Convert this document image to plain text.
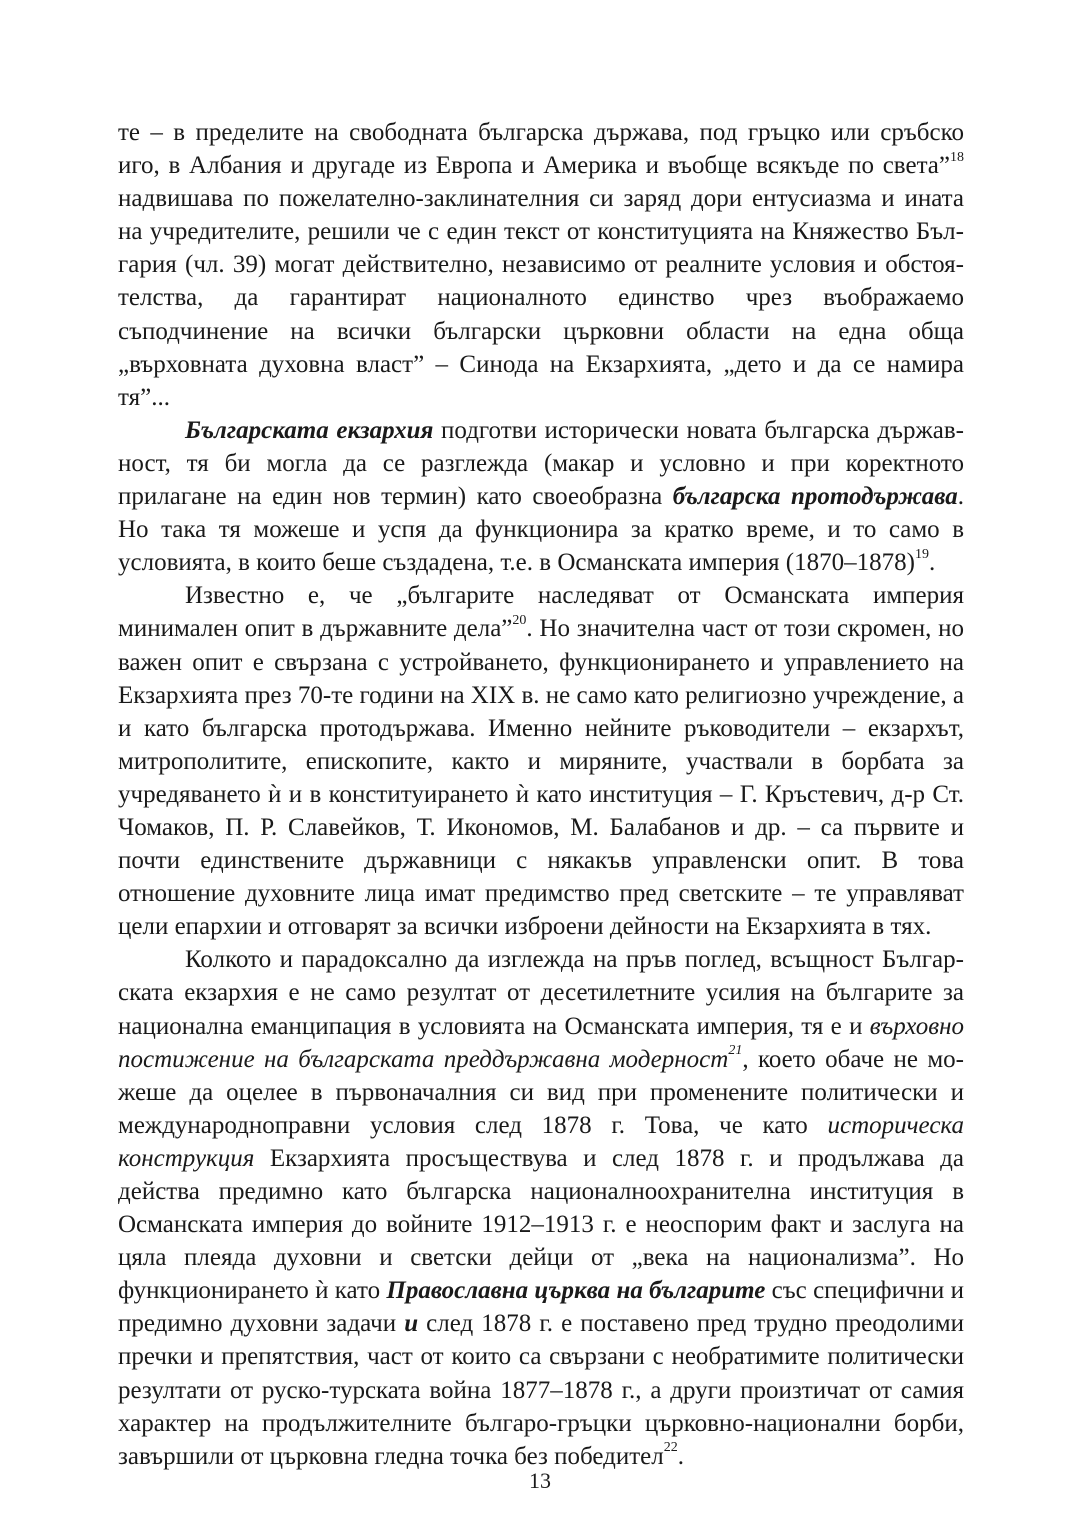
те – в пределите на свободната българска държава, под гръцко или сръбско иго, в Албания и другаде из Европа и Америка и въобще всякъде по света”$^{18}$ надвишава по пожелателно-заклинателния си заряд дори ентусиазма и ината на учредителите, решили че с един текст от конституцията на Княжество България (чл. 39) могат действително, независимо от реалните условия и обстоятелства, да гарантират националното единство чрез въображаемо съподчинение на всички български църковни области на една обща „върховната духовна власт” – Синода на Екзархията, „дето и да се намира тя”...

Българската екзархия подготви исторически новата българска държавност, тя би могла да се разглежда (макар и условно и при коректното прилагане на един нов термин) като своеобразна българска протодържава. Но така тя можеше и успя да функционира за кратко време, и то само в условията, в които беше създадена, т.е. в Османската империя (1870–1878)$^{19}$.

Известно е, че „българите наследяват от Османската империя минимален опит в държавните дела”$^{20}$. Но значителна част от този скромен, но важен опит е свързана с устройването, функционирането и управлението на Екзархията през 70-те години на XIX в. не само като религиозно учреждение, а и като българска протодържава. Именно нейните ръководители – екзархът, митрополитите, епископите, както и миряните, участвали в борбата за учредяването ѝ и в конституирането ѝ като институция – Г. Кръстевич, д-р Ст. Чомаков, П. Р. Славейков, Т. Икономов, М. Балабанов и др. – са първите и почти единствените държавници с някакъв управленски опит. В това отношение духовните лица имат предимство пред светските – те управляват цели епархии и отговарят за всички изброени дейности на Екзархията в тях.

Колкото и парадоксално да изглежда на пръв поглед, всъщност Българската екзархия е не само резултат от десетилетните усилия на българите за национална еманципация в условията на Османската империя, тя е и върховно постижение на българската преддържавна модерност$^{21}$, което обаче не можеше да оцелее в първоначалния си вид при променените политически и международноправни условия след 1878 г. Това, че като историческа конструкция Екзархията просъществува и след 1878 г. и продължава да действа предимно като българска националноохранителна институция в Османската империя до войните 1912–1913 г. е неоспорим факт и заслуга на цяла плеяда духовни и светски дейци от „века на национализма”. Но функционирането ѝ като Православна църква на българите със специфични и предимно духовни задачи и след 1878 г. е поставено пред трудно преодолими пречки и препятствия, част от които са свързани с необратимите политически резултати от руско-турската война 1877–1878 г., а други произтичат от самия характер на продължителните българо-гръцки църковно-национални борби, завършили от църковна гледна точка без победител$^{22}$.

13
